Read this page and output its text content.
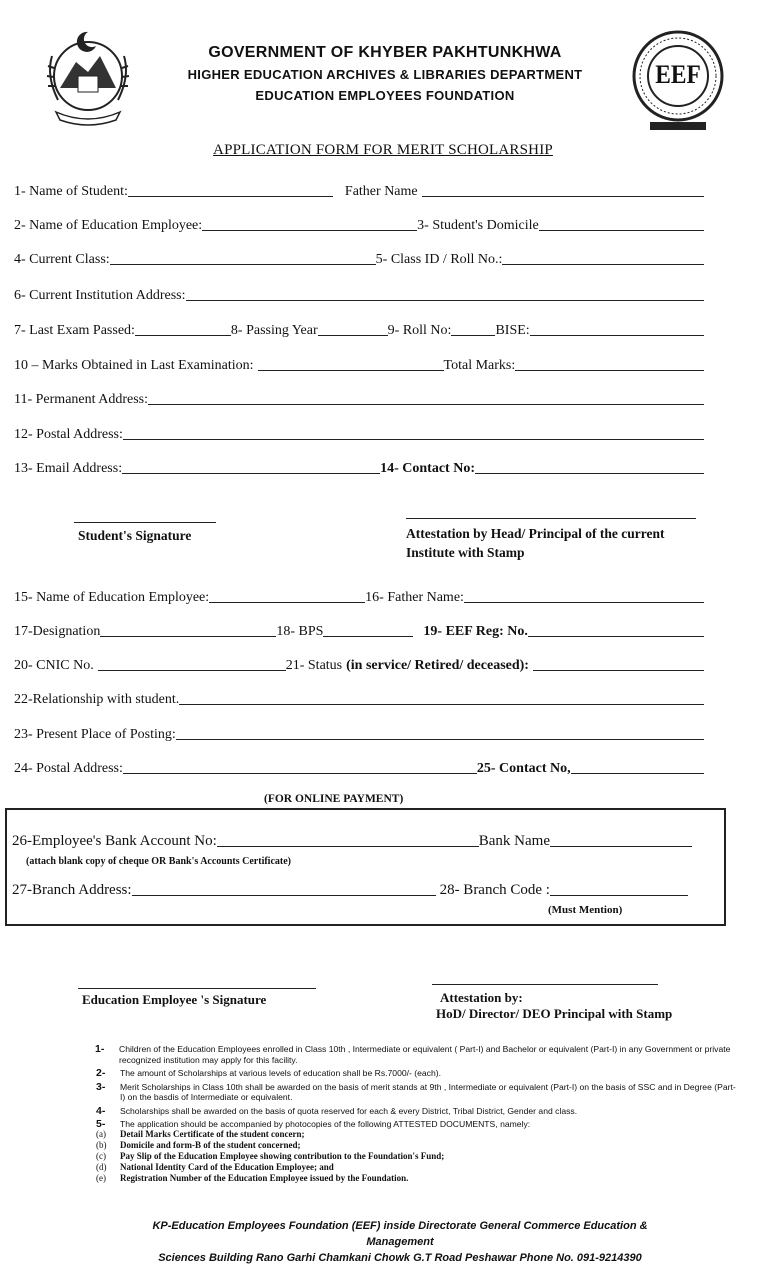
EEF
GOVERNMENT OF KHYBER PAKHTUNKHWA
HIGHER EDUCATION ARCHIVES & LIBRARIES DEPARTMENT
EDUCATION EMPLOYEES FOUNDATION
APPLICATION FORM FOR MERIT SCHOLARSHIP
1- Name of Student:	Father Name
2- Name of Education Employee:	3- Student's Domicile
4- Current Class:	5- Class ID / Roll No.:
6- Current Institution Address:
7- Last Exam Passed:	8- Passing Year	9- Roll No:	BISE:
10 – Marks Obtained in Last Examination:	Total Marks:
11- Permanent Address:
12- Postal Address:
13- Email Address:	14- Contact No:
Student's Signature	Attestation by Head/ Principal of the current
Institute with Stamp
15- Name of Education Employee:	16- Father Name:
17-Designation	18- BPS	19- EEF Reg: No.
20- CNIC No.	21- Status (in service/ Retired/ deceased):
22-Relationship with student.
23- Present Place of Posting:
24- Postal Address:	25- Contact No,
(FOR ONLINE PAYMENT)
26-Employee's Bank Account No:	Bank Name
(attach blank copy of cheque OR Bank's Accounts Certificate)
27-Branch Address:	28- Branch Code :
(Must Mention)
Education Employee 's Signature	Attestation by:
HoD/ Director/ DEO Principal with Stamp
1-	Children of the Education Employees enrolled in Class 10th , Intermediate or equivalent ( Part-I) and Bachelor or equivalent (Part-I) in any Government or private recognized institution may apply for this facility.
2-	The amount of Scholarships at various levels of education shall be Rs.7000/- (each).
3-	Merit Scholarships in Class 10th shall be awarded on the basis of merit stands at 9th , Intermediate or equivalent (Part-I) on the basis of SSC and in Degree (Part-I) on the basdis of Intermediate or equivalent.
4-	Scholarships shall be awarded on the basis of quota reserved for each & every District, Tribal District, Gender and class.
5-	The application should be accompanied by photocopies of the following ATTESTED DOCUMENTS, namely:
(a)	Detail Marks Certificate of the student concern;
(b)	Domicile and form-B of the student concerned;
(c)	Pay Slip of the Education Employee showing contribution to the Foundation's Fund;
(d)	National Identity Card of the Education Employee; and
(e)	Registration Number of the Education Employee issued by the Foundation.
KP-Education Employees Foundation (EEF) inside Directorate General Commerce Education & Management
Sciences Building Rano Garhi Chamkani Chowk G.T Road Peshawar Phone No. 091-9214390
